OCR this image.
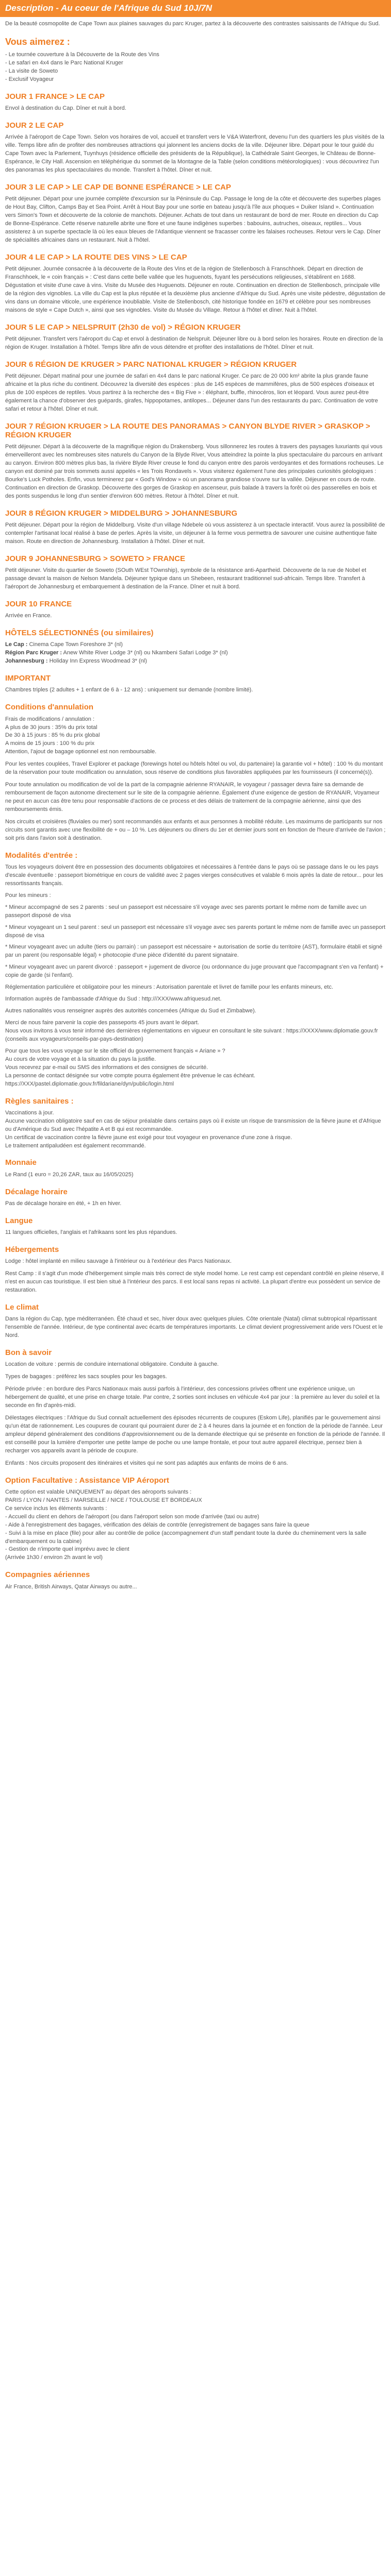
Description - Au coeur de l'Afrique du Sud 10J/7N

De la beauté cosmopolite de Cape Town aux plaines sauvages du parc Kruger, partez à la découverte des contrastes saisissants de l'Afrique du Sud.

Vous aimerez :
- Le tournée couverture à la Découverte de la Route des Vins
- Le safari en 4x4 dans le Parc National Kruger
- La visite de Soweto
- Exclusif Voyageur
JOUR 1 FRANCE > LE CAP

Envol à destination du Cap. Dîner et nuit à bord.

JOUR 2 LE CAP

Arrivée à l'aéroport de Cape Town. Selon vos horaires de vol, accueil et transfert vers le V&A Waterfront, devenu l'un des quartiers les plus visités de la ville. Temps libre afin de profiter des nombreuses attractions qui jalonnent les anciens docks de la ville. Déjeuner libre. Départ pour le tour guidé du Cape Town avec la Parlement, Tuynhuys (résidence officielle des présidents de la République), la Cathédrale Saint Georges, le Château de Bonne-Espérance, le City Hall. Ascension en téléphérique du sommet de la Montagne de la Table (selon conditions météorologiques) : vous découvrirez l'un des panoramas les plus spectaculaires du monde. Transfert à l'hôtel. Dîner et nuit.

JOUR 3 LE CAP > LE CAP DE BONNE ESPÉRANCE > LE CAP

Petit déjeuner. Départ pour une journée complète d'excursion sur la Péninsule du Cap. Passage le long de la côte et découverte des superbes plages de Hout Bay, Clifton, Camps Bay et Sea Point. Arrêt à Hout Bay pour une sortie en bateau jusqu'à l'île aux phoques « Duiker Island ». Continuation vers Simon's Town et découverte de la colonie de manchots. Déjeuner. Achats de tout dans un restaurant de bord de mer. Route en direction du Cap de Bonne-Espérance. Cette réserve naturelle abrite une flore et une faune indigènes superbes : babouins, autruches, oiseaux, reptiles... Vous assisterez à un superbe spectacle là où les eaux bleues de l'Atlantique viennent se fracasser contre les falaises rocheuses. Retour vers le Cap. Dîner de spécialités africaines dans un restaurant. Nuit à l'hôtel.

JOUR 4 LE CAP > LA ROUTE DES VINS > LE CAP

Petit déjeuner. Journée consacrée à la découverte de la Route des Vins et de la région de Stellenbosch à Franschhoek. Départ en direction de Franschhoek, le « coin français » : C'est dans cette belle vallée que les huguenots, fuyant les persécutions religieuses, s'établirent en 1688. Dégustation et visite d'une cave à vins. Visite du Musée des Huguenots. Déjeuner en route. Continuation en direction de Stellenbosch, principale ville de la région des vignobles. La ville du Cap est la plus réputée et la deuxième plus ancienne d'Afrique du Sud. Après une visite pédestre, dégustation de vins dans un domaine viticole, une expérience inoubliable. Visite de Stellenbosch, cité historique fondée en 1679 et célèbre pour ses nombreuses maisons de style « Cape Dutch », ainsi que ses vignobles. Visite du Musée du Village. Retour à l'hôtel et dîner. Nuit à l'hôtel.

JOUR 5 LE CAP > NELSPRUIT (2h30 de vol) > RÉGION KRUGER

Petit déjeuner. Transfert vers l'aéroport du Cap et envol à destination de Nelspruit. Déjeuner libre ou à bord selon les horaires. Route en direction de la région de Kruger. Installation à l'hôtel. Temps libre afin de vous détendre et profiter des installations de l'hôtel. Dîner et nuit.

JOUR 6 RÉGION DE KRUGER > PARC NATIONAL KRUGER > RÉGION KRUGER

Petit déjeuner. Départ matinal pour une journée de safari en 4x4 dans le parc national Kruger. Ce parc de 20 000 km² abrite la plus grande faune africaine et la plus riche du continent. Découvrez la diversité des espèces : plus de 145 espèces de mammifères, plus de 500 espèces d'oiseaux et plus de 100 espèces de reptiles. Vous partirez à la recherche des « Big Five » : éléphant, buffle, rhinocéros, lion et léopard. Vous aurez peut-être également la chance d'observer des guépards, girafes, hippopotames, antilopes... Déjeuner dans l'un des restaurants du parc. Continuation de votre safari et retour à l'hôtel. Dîner et nuit.

JOUR 7 RÉGION KRUGER > LA ROUTE DES PANORAMAS > CANYON BLYDE RIVER > GRASKOP > RÉGION KRUGER

Petit déjeuner. Départ à la découverte de la magnifique région du Drakensberg. Vous sillonnerez les routes à travers des paysages luxuriants qui vous émerveilleront avec les nombreuses sites naturels du Canyon de la Blyde River, Vous atteindrez la pointe la plus spectaculaire du parcours en arrivant au canyon. Environ 800 mètres plus bas, la rivière Blyde River creuse le fond du canyon entre des parois verdoyantes et des formations rocheuses. Le canyon est dominé par trois sommets aussi appelés « les Trois Rondavels ». Vous visiterez également l'une des principales curiosités géologiques : Bourke's Luck Potholes. Enfin, vous terminerez par « God's Window » où un panorama grandiose s'ouvre sur la vallée. Déjeuner en cours de route. Continuation en direction de Graskop. Découverte des gorges de Graskop en ascenseur, puis balade à travers la forêt où des passerelles en bois et des ponts suspendus le long d'un sentier d'environ 600 mètres. Retour à l'hôtel. Dîner et nuit.

JOUR 8 RÉGION KRUGER > MIDDELBURG > JOHANNESBURG

Petit déjeuner. Départ pour la région de Middelburg. Visite d'un village Ndebele où vous assisterez à un spectacle interactif. Vous aurez la possibilité de contempler l'artisanat local réalisé à base de perles. Après la visite, un déjeuner à la ferme vous permettra de savourer une cuisine authentique faite maison. Route en direction de Johannesburg. Installation à l'hôtel. Dîner et nuit.

JOUR 9 JOHANNESBURG > SOWETO > FRANCE

Petit déjeuner. Visite du quartier de Soweto (SOuth WEst TOwnship), symbole de la résistance anti-Apartheid. Découverte de la rue de Nobel et passage devant la maison de Nelson Mandela. Déjeuner typique dans un Shebeen, restaurant traditionnel sud-africain. Temps libre. Transfert à l'aéroport de Johannesburg et embarquement à destination de la France. Dîner et nuit à bord.

JOUR 10 FRANCE

Arrivée en France.

HÔTELS SÉLECTIONNÉS (ou similaires)
Le Cap : Cinema Cape Town Foreshore 3* (nl)
Région Parc Kruger : Anew White River Lodge 3* (nl) ou Nkambeni Safari Lodge 3* (nl)
Johannesburg : Holiday Inn Express Woodmead 3* (nl)
IMPORTANT

Chambres triples (2 adultes + 1 enfant de 6 à - 12 ans) : uniquement sur demande (nombre limité).

Conditions d'annulation
Frais de modifications / annulation :
A plus de 30 jours : 35% du prix total
De 30 à 15 jours : 85 % du prix global
A moins de 15 jours : 100 % du prix
Attention, l'ajout de bagage optionnel est non remboursable.

Pour les ventes couplées, Travel Explorer et package (forewings hotel ou hôtels hôtel ou vol, du partenaire) la garantie vol + hôtel) : 100 % du montant de la réservation pour toute modification ou annulation, sous réserve de conditions plus favorables appliquées par les fournisseurs (il concerné(s)).

Pour toute annulation ou modification de vol de la part de la compagnie aérienne RYANAIR, le voyageur / passager devra faire sa demande de remboursement de façon autonome directement sur le site de la compagnie aérienne. Également d'une exigence de gestion de RYANAIR, Voyameur ne peut en aucun cas être tenu pour responsable d'actions de ce process et des délais de traitement de la compagnie aérienne, ainsi que des remboursements émis.

Nos circuits et croisières (fluviales ou mer) sont recommandés aux enfants et aux personnes à mobilité réduite. Les maximums de participants sur nos circuits sont garantis avec une flexibilité de + ou – 10 %. Les déjeuners ou dîners du 1er et dernier jours sont en fonction de l'heure d'arrivée de l'avion ; soit pris dans l'avion soit à destination.

Modalités d'entrée :

Tous les voyageurs doivent être en possession des documents obligatoires et nécessaires à l'entrée dans le pays où se passage dans le ou les pays d'escale éventuelle : passeport biométrique en cours de validité avec 2 pages vierges consécutives et valable 6 mois après la date de retour... pour les ressortissants français.

Pour les mineurs :

* Mineur accompagné de ses 2 parents : seul un passeport est nécessaire s'il voyage avec ses parents portant le même nom de famille avec un passeport disposé de visa

* Mineur voyageant un 1 seul parent : seul un passeport est nécessaire s'il voyage avec ses parents portant le même nom de famille avec un passeport disposé de visa

* Mineur voyageant avec un adulte (tiers ou parrain) : un passeport est nécessaire + autorisation de sortie du territoire (AST), formulaire établi et signé par un parent (ou responsable légal) + photocopie d'une pièce d'identité du parent signataire.

* Mineur voyageant avec un parent divorcé : passeport + jugement de divorce (ou ordonnance du juge prouvant que l'accompagnant s'en va l'enfant) + copie de garde (si l'enfant).

Réglementation particulière et obligatoire pour les mineurs : Autorisation parentale et livret de famille pour les enfants mineurs, etc.

Information auprès de l'ambassade d'Afrique du Sud : http:///XXX/www.afriquesud.net.

Autres nationalités vous renseigner auprès des autorités concernées (Afrique du Sud et Zimbabwe).

Merci de nous faire parvenir la copie des passeports 45 jours avant le départ.
Nous vous invitons à vous tenir informé des dernières réglementations en vigueur en consultant le site suivant : https://XXXX/www.diplomatie.gouv.fr (conseils aux voyageurs/conseils-par-pays-destination)
Pour que tous les vous voyage sur le site officiel du gouvernement français « Ariane » ?
Au cours de votre voyage et à la situation du pays la justifie.
Vous recevrez par e-mail ou SMS des informations et des consignes de sécurité.
La personne de contact désignée sur votre compte pourra également être prévenue le cas échéant.
https://XXX/pastel.diplomatie.gouv.fr/fildariane/dyn/public/login.html
Règles sanitaires :
Vaccinations à jour.
Aucune vaccination obligatoire sauf en cas de séjour préalable dans certains pays où il existe un risque de transmission de la fièvre jaune et d'Afrique ou d'Amérique du Sud avec l'hépatite A et B qui est recommandée.
Un certificat de vaccination contre la fièvre jaune est exigé pour tout voyageur en provenance d'une zone à risque.
Le traitement antipaludéen est également recommandé.
Monnaie

Le Rand (1 euro = 20,26 ZAR, taux au 16/05/2025)

Décalage horaire

Pas de décalage horaire en été, + 1h en hiver.

Langue

11 langues officielles, l'anglais et l'afrikaans sont les plus répandues.

Hébergements

Lodge : hôtel implanté en milieu sauvage à l'intérieur ou à l'extérieur des Parcs Nationaux.

Rest Camp : il s'agit d'un mode d'hébergement simple mais très correct de style model home. Le rest camp est cependant contrôlé en pleine réserve, il n'est en aucun cas touristique. Il est bien situé à l'intérieur des parcs. Il est local sans repas ni activité. La plupart d'entre eux possèdent un service de restauration.

Le climat

Dans la région du Cap, type méditerranéen. Été chaud et sec, hiver doux avec quelques pluies. Côte orientale (Natal) climat subtropical répartissant l'ensemble de l'année. Intérieur, de type continental avec écarts de températures importants. Le climat devient progressivement aride vers l'Ouest et le Nord.

Bon à savoir

Location de voiture : permis de conduire international obligatoire. Conduite à gauche.

Types de bagages : préférez les sacs souples pour les bagages.

Période privée : en bordure des Parcs Nationaux mais aussi parfois à l'intérieur, des concessions privées offrent une expérience unique, un hébergement de qualité, et une prise en charge totale. Par contre, 2 sorties sont incluses en véhicule 4x4 par jour : la première au lever du soleil et la seconde en fin d'après-midi.

Délestages électriques : l'Afrique du Sud connaît actuellement des épisodes récurrents de coupures (Eskom Life), planifiés par le gouvernement ainsi qu'un état de rationnement. Les coupures de courant qui pourraient durer de 2 à 4 heures dans la journée et en fonction de la période de l'année. Leur ampleur dépend généralement des conditions d'approvisionnement ou de la demande électrique qui se présente en fonction de la période de l'année. Il est conseillé pour la lumière d'emporter une petite lampe de poche ou une lampe frontale, et pour tout autre appareil électrique, pensez bien à recharger vos appareils avant la période de coupure.

Enfants : Nos circuits proposent des itinéraires et visites qui ne sont pas adaptés aux enfants de moins de 6 ans.

Option Facultative : Assistance VIP Aéroport
Cette option est valable UNIQUEMENT au départ des aéroports suivants :
PARIS / LYON / NANTES / MARSEILLE / NICE / TOULOUSE ET BORDEAUX
Ce service inclus les éléments suivants :
- Accueil du client en dehors de l'aéroport (ou dans l'aéroport selon son mode d'arrivée (taxi ou autre)
- Aide à l'enregistrement des bagages, vérification des délais de contrôle (enregistrement de bagages sans faire la queue
- Suivi à la mise en place (file) pour aller au contrôle de police (accompagnement d'un staff pendant toute la durée du cheminement vers la salle d'embarquement ou la cabine)
- Gestion de n'importe quel imprévu avec le client
(Arrivée 1h30 / environ 2h avant le vol)
Compagnies aériennes

Air France, British Airways, Qatar Airways ou autre...
